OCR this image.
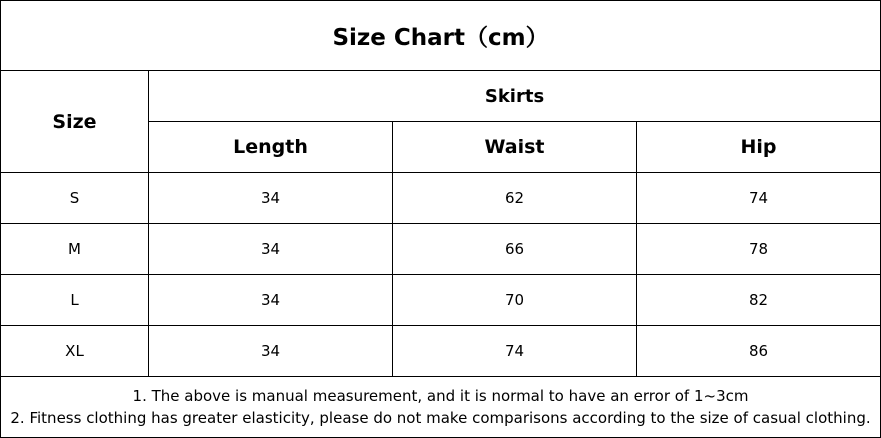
Size Chart（cm）			
Size	Skirts		
	Length	Waist	Hip
S	34	62	74
M	34	66	78
L	34	70	82
XL	34	74	86

1. The above is manual measurement, and it is normal to have an error of 1~3cm
2. Fitness clothing has greater elasticity, please do not make comparisons according to the size of casual clothing.			
